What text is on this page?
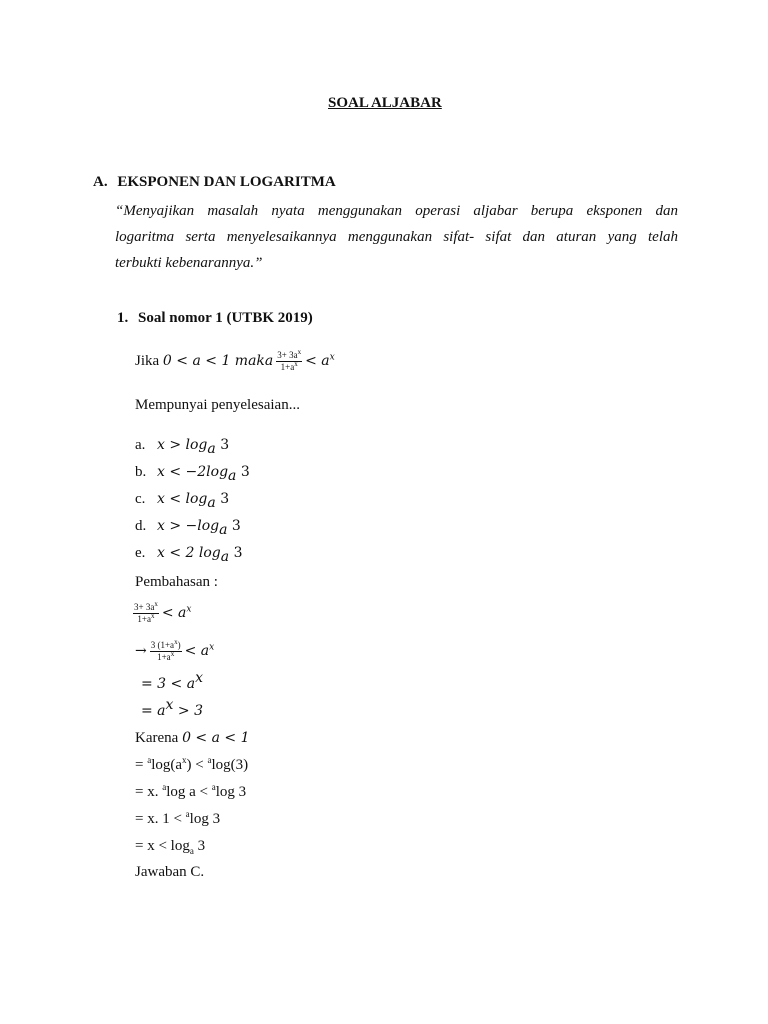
SOAL ALJABAR
A. EKSPONEN DAN LOGARITMA
“Menyajikan masalah nyata menggunakan operasi aljabar berupa eksponen dan
logaritma serta menyelesaikannya menggunakan sifat- sifat dan aturan yang telah
terbukti kebenarannya.”
1. Soal nomor 1 (UTBK 2019)
Jika
0 < a < 1 maka $\frac{3+ 3a^x}{1+a^x} < a^x$
Mempunyai penyelesaian...
a. $x > \log_a 3$
b. $x < -2\log_a$ 3
c. $x < \log_a 3$
d. $x > -\log_a$ 3
e. x < 2 $\log_a 3$
Pembahasan :
$\frac{3+ 3a^x}{1+a^x} < a^x$
→ $\frac{3 (1+a^x)}{1+a^x} < a^x$
= $3 < a^x$
= $a^x > 3$
Karena 0 < a < 1
= $^a\log(a^x) < ^a\log(3)$
= x. $^a$log a < $^a$log 3
= x. 1 < $^a$log 3
= $x < \log_a 3$
Jawaban C.
